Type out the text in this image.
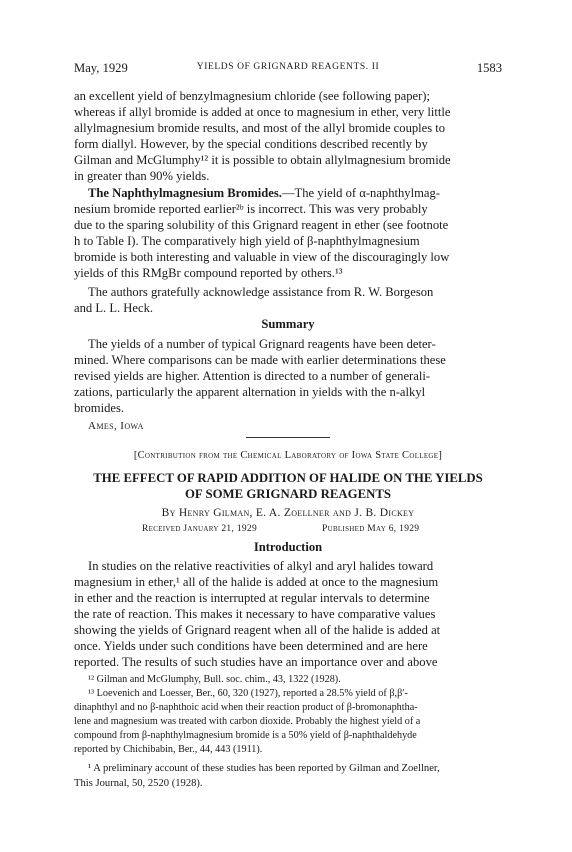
May, 1929	YIELDS OF GRIGNARD REAGENTS. II	1583
an excellent yield of benzylmagnesium chloride (see following paper);
whereas if allyl bromide is added at once to magnesium in ether, very little
allylmagnesium bromide results, and most of the allyl bromide couples to
form diallyl. However, by the special conditions described recently by
Gilman and McGlumphy¹² it is possible to obtain allylmagnesium bromide
in greater than 90% yields.
The Naphthylmagnesium Bromides.—The yield of α-naphthylmag-
nesium bromide reported earlier²ᵇ is incorrect. This was very probably
due to the sparing solubility of this Grignard reagent in ether (see footnote
h to Table I). The comparatively high yield of β-naphthylmagnesium
bromide is both interesting and valuable in view of the discouragingly low
yields of this RMgBr compound reported by others.¹³
The authors gratefully acknowledge assistance from R. W. Borgeson
and L. L. Heck.
Summary
The yields of a number of typical Grignard reagents have been deter-
mined. Where comparisons can be made with earlier determinations these
revised yields are higher. Attention is directed to a number of generali-
zations, particularly the apparent alternation in yields with the n-alkyl
bromides.
Ames, Iowa
[Contribution from the Chemical Laboratory of Iowa State College]
THE EFFECT OF RAPID ADDITION OF HALIDE ON THE YIELDS
OF SOME GRIGNARD REAGENTS
By Henry Gilman, E. A. Zoellner and J. B. Dickey
Received January 21, 1929	Published May 6, 1929
Introduction
In studies on the relative reactivities of alkyl and aryl halides toward
magnesium in ether,¹ all of the halide is added at once to the magnesium
in ether and the reaction is interrupted at regular intervals to determine
the rate of reaction. This makes it necessary to have comparative values
showing the yields of Grignard reagent when all of the halide is added at
once. Yields under such conditions have been determined and are here
reported. The results of such studies have an importance over and above
¹² Gilman and McGlumphy, Bull. soc. chim., 43, 1322 (1928).
¹³ Loevenich and Loesser, Ber., 60, 320 (1927), reported a 28.5% yield of β,β′-
dinaphthyl and no β-naphthoic acid when their reaction product of β-bromonaphtha-
lene and magnesium was treated with carbon dioxide. Probably the highest yield of a
compound from β-naphthylmagnesium bromide is a 50% yield of β-naphthaldehyde
reported by Chichibabin, Ber., 44, 443 (1911).
¹ A preliminary account of these studies has been reported by Gilman and Zoellner,
This Journal, 50, 2520 (1928).
